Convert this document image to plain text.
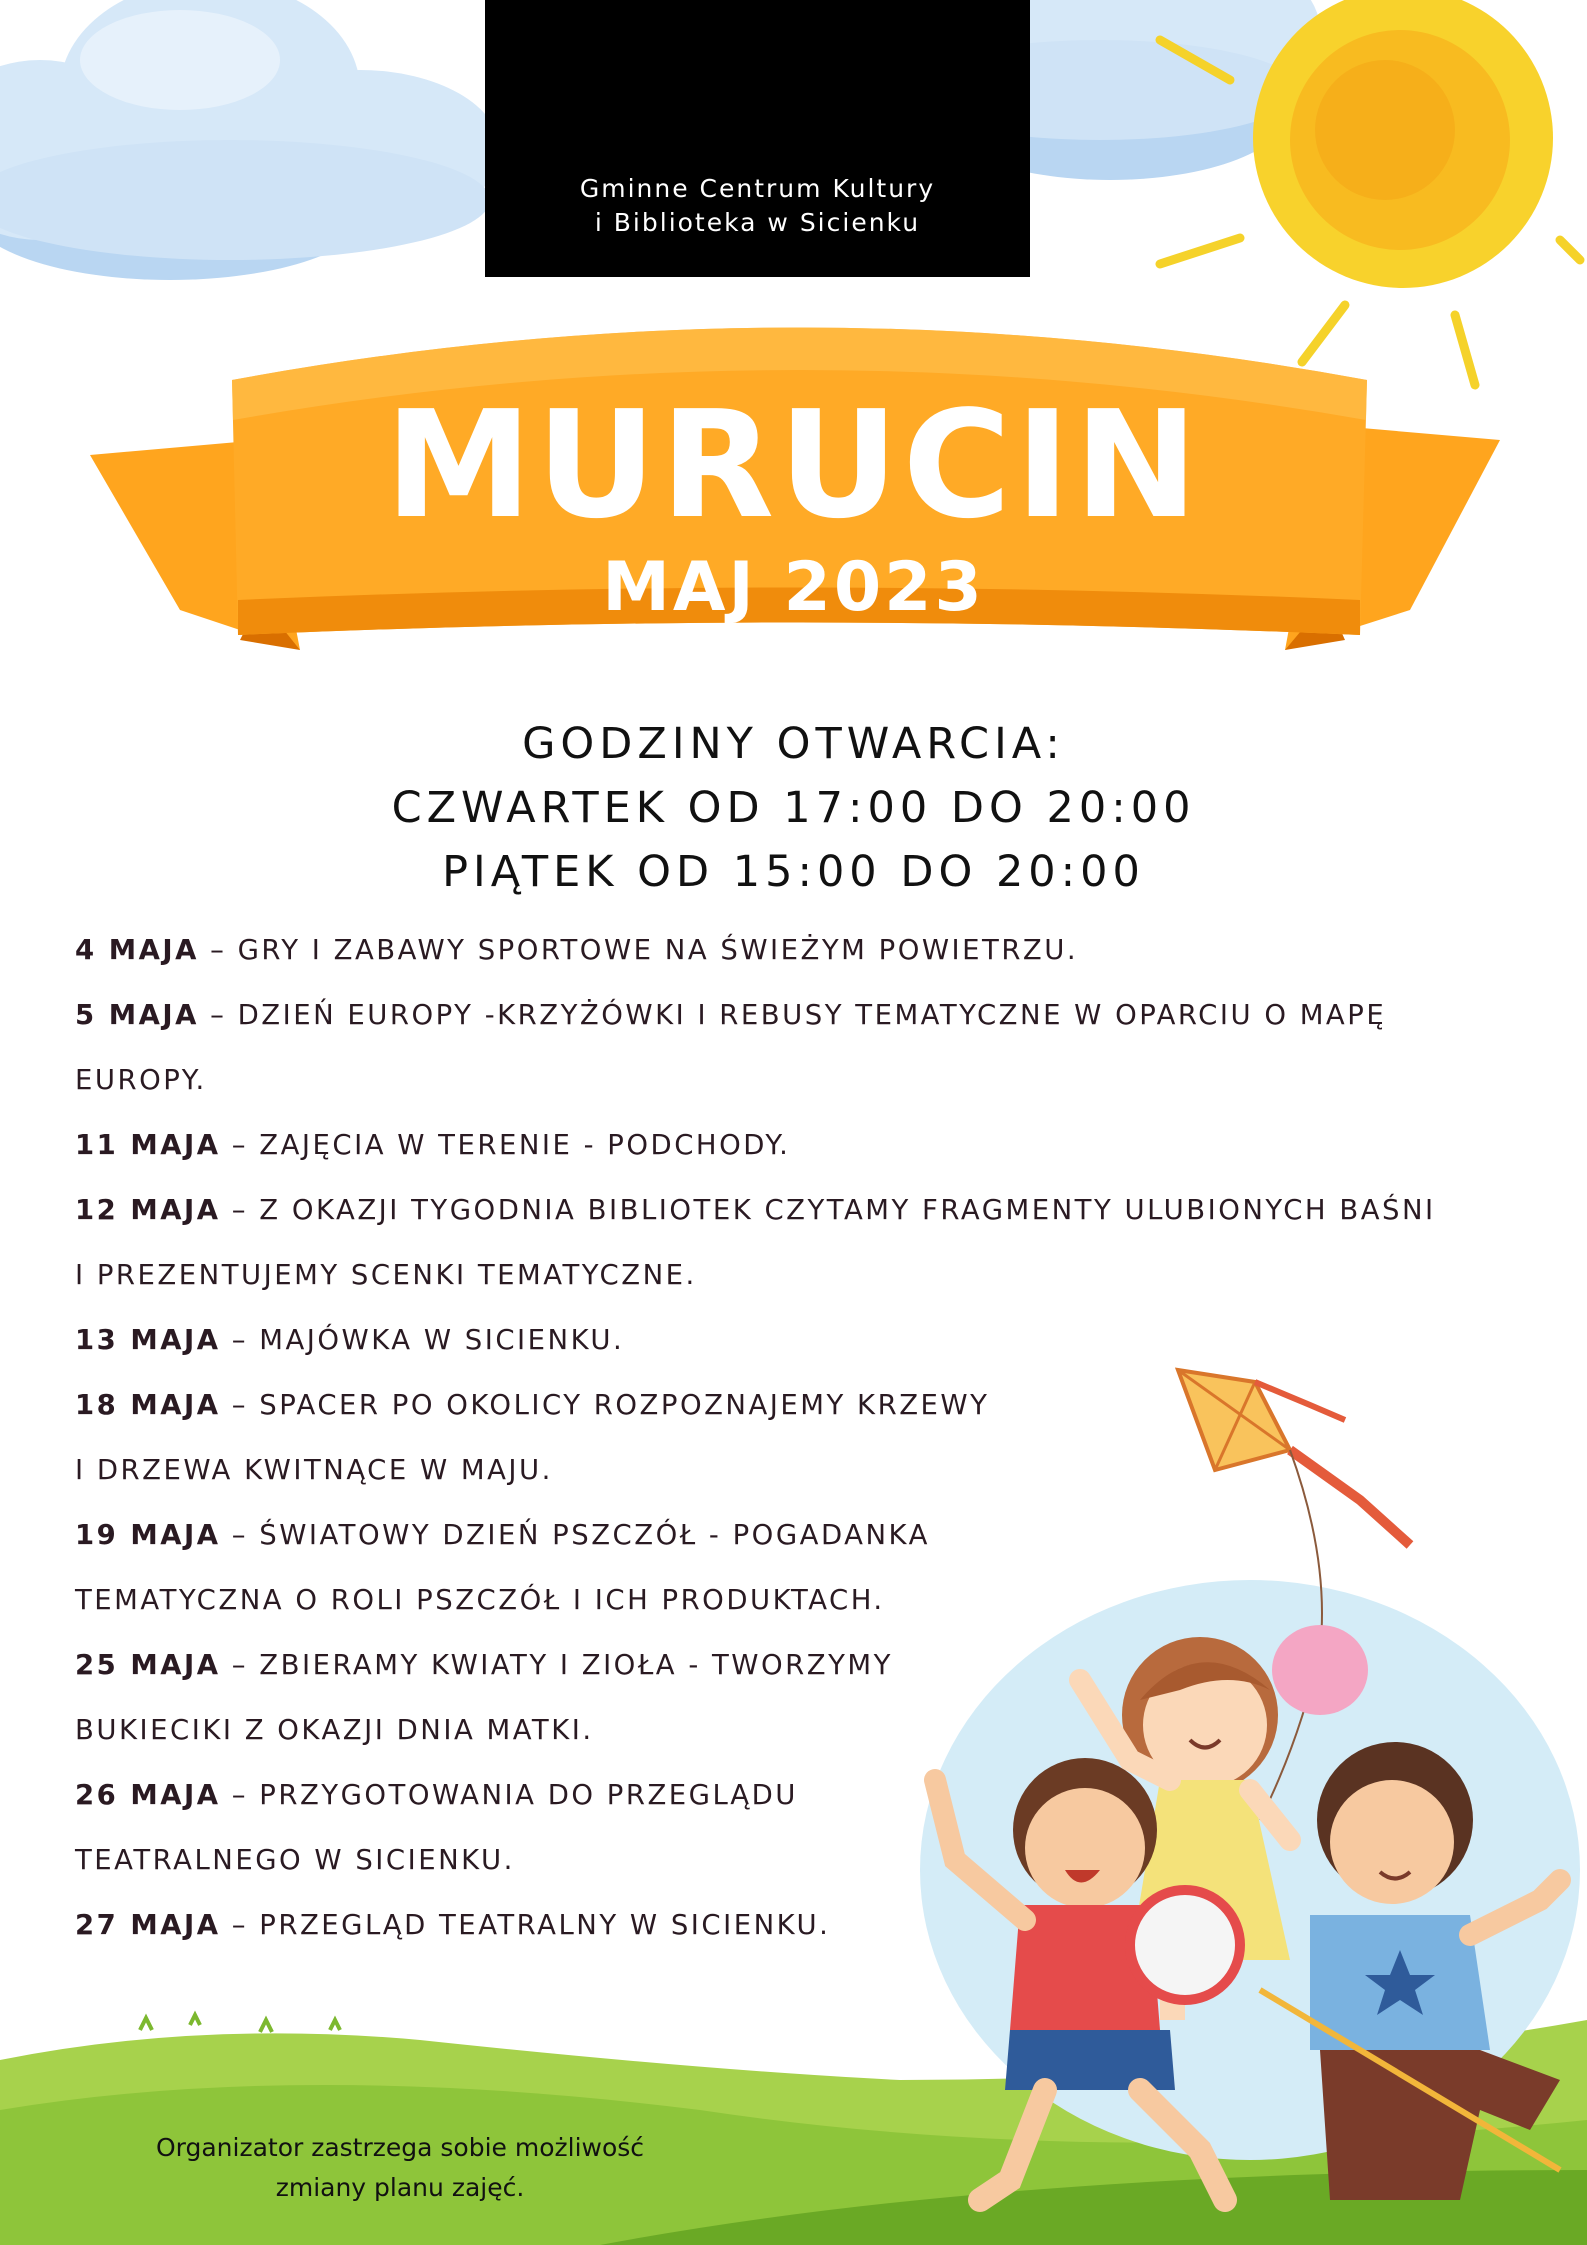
Gminne Centrum Kultury
i Biblioteka w Sicienku
MURUCIN
MAJ 2023
GODZINY OTWARCIA:
CZWARTEK OD 17:00 DO 20:00
PIĄTEK OD 15:00 DO 20:00
4 MAJA – GRY I ZABAWY SPORTOWE NA ŚWIEŻYM POWIETRZU.
5 MAJA – DZIEŃ EUROPY -KRZYŻÓWKI I REBUSY TEMATYCZNE W OPARCIU O MAPĘ
EUROPY.
11 MAJA – ZAJĘCIA W TERENIE - PODCHODY.
12 MAJA – Z OKAZJI TYGODNIA BIBLIOTEK CZYTAMY FRAGMENTY ULUBIONYCH BAŚNI
I PREZENTUJEMY SCENKI TEMATYCZNE.
13 MAJA – MAJÓWKA W SICIENKU.
18 MAJA – SPACER PO OKOLICY ROZPOZNAJEMY KRZEWY
I DRZEWA KWITNĄCE W MAJU.
19 MAJA – ŚWIATOWY DZIEŃ PSZCZÓŁ - POGADANKA
TEMATYCZNA O ROLI PSZCZÓŁ I ICH PRODUKTACH.
25 MAJA – ZBIERAMY KWIATY I ZIOŁA - TWORZYMY
BUKIECIKI Z OKAZJI DNIA MATKI.
26 MAJA – PRZYGOTOWANIA DO PRZEGLĄDU
TEATRALNEGO W SICIENKU.
27 MAJA – PRZEGLĄD TEATRALNY W SICIENKU.
Organizator zastrzega sobie możliwość
zmiany planu zajęć.
